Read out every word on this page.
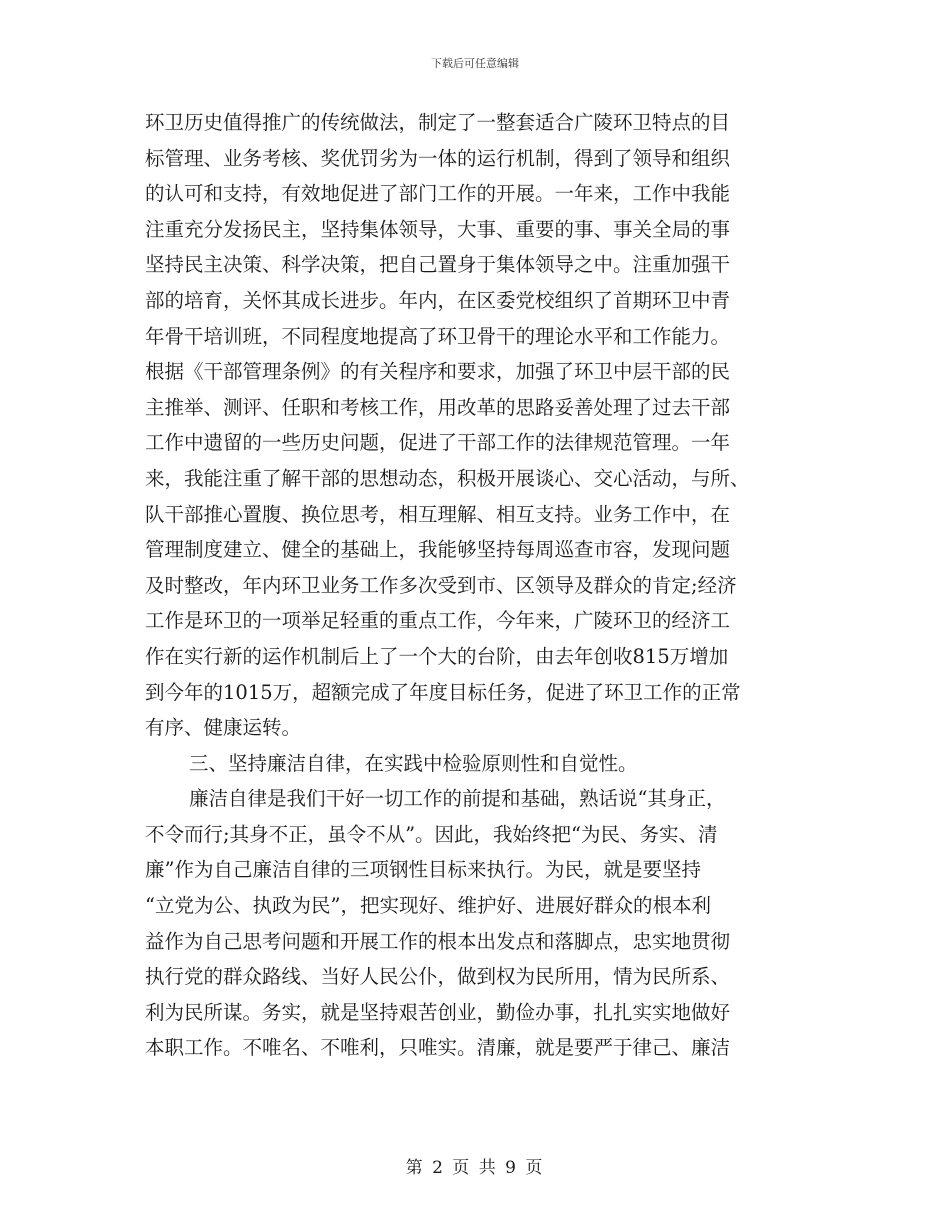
下载后可任意编辑
环卫历史值得推广的传统做法，制定了一整套适合广陵环卫特点的目
标管理、业务考核、奖优罚劣为一体的运行机制，得到了领导和组织
的认可和支持，有效地促进了部门工作的开展。一年来，工作中我能
注重充分发扬民主，坚持集体领导，大事、重要的事、事关全局的事
坚持民主决策、科学决策，把自己置身于集体领导之中。注重加强干
部的培育，关怀其成长进步。年内，在区委党校组织了首期环卫中青
年骨干培训班，不同程度地提高了环卫骨干的理论水平和工作能力。
根据《干部管理条例》的有关程序和要求，加强了环卫中层干部的民
主推举、测评、任职和考核工作，用改革的思路妥善处理了过去干部
工作中遗留的一些历史问题，促进了干部工作的法律规范管理。一年
来，我能注重了解干部的思想动态，积极开展谈心、交心活动，与所、
队干部推心置腹、换位思考，相互理解、相互支持。业务工作中，在
管理制度建立、健全的基础上，我能够坚持每周巡查市容，发现问题
及时整改，年内环卫业务工作多次受到市、区领导及群众的肯定;经济
工作是环卫的一项举足轻重的重点工作，今年来，广陵环卫的经济工
作在实行新的运作机制后上了一个大的台阶，由去年创收815万增加
到今年的1015万，超额完成了年度目标任务，促进了环卫工作的正常
有序、健康运转。
三、坚持廉洁自律，在实践中检验原则性和自觉性。
廉洁自律是我们干好一切工作的前提和基础，熟话说“其身正，
不令而行;其身不正，虽令不从”。因此，我始终把“为民、务实、清
廉”作为自己廉洁自律的三项钢性目标来执行。为民，就是要坚持
“立党为公、执政为民”，把实现好、维护好、进展好群众的根本利
益作为自己思考问题和开展工作的根本出发点和落脚点，忠实地贯彻
执行党的群众路线、当好人民公仆，做到权为民所用，情为民所系、
利为民所谋。务实，就是坚持艰苦创业，勤俭办事，扎扎实实地做好
本职工作。不唯名、不唯利，只唯实。清廉，就是要严于律己、廉洁
第 2 页 共 9 页
